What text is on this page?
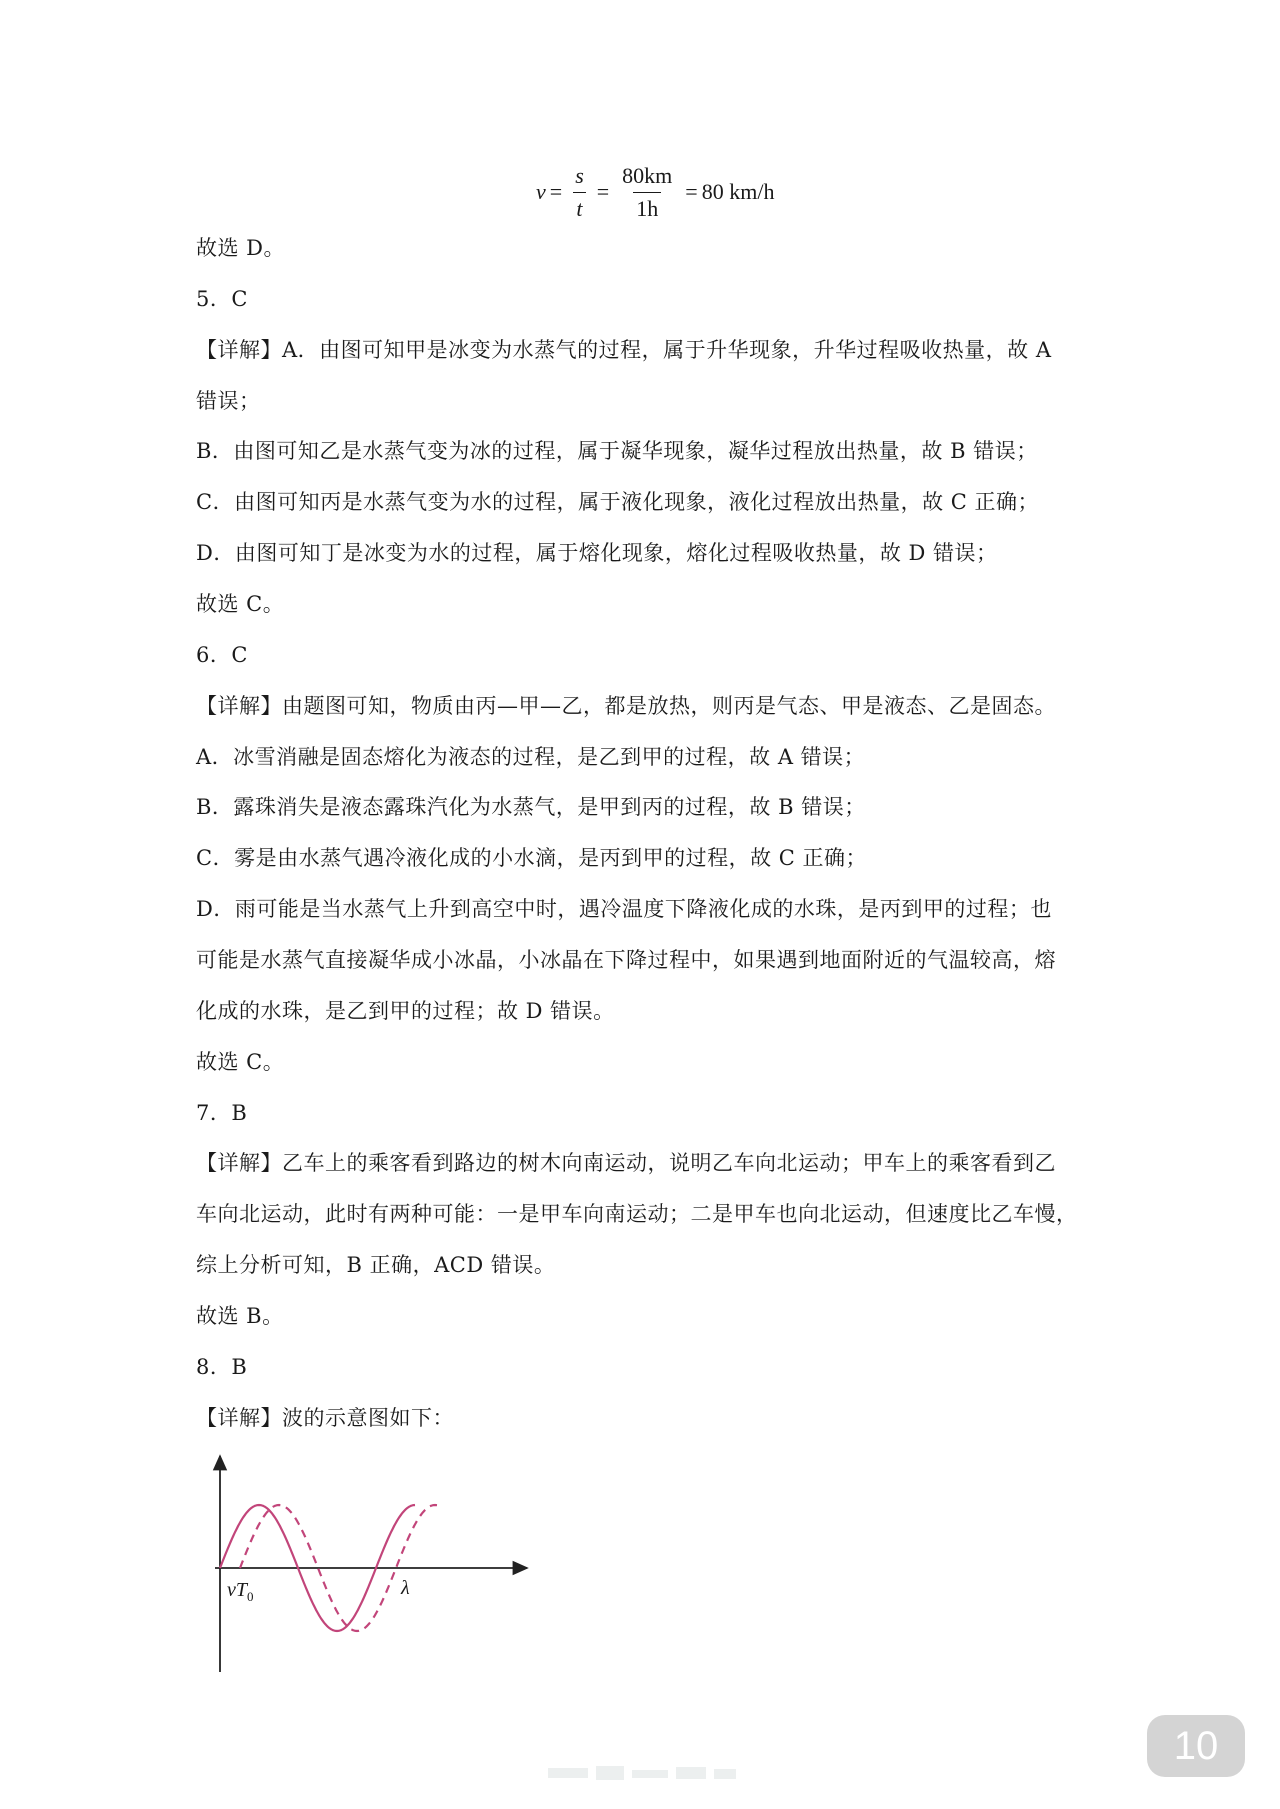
$v = \frac{s}{t} = \frac{80km}{1h} = 80$ km/h
故选 D。
5．C
【详解】A．由图可知甲是冰变为水蒸气的过程，属于升华现象，升华过程吸收热量，故 A
错误；
B．由图可知乙是水蒸气变为冰的过程，属于凝华现象，凝华过程放出热量，故 B 错误；
C．由图可知丙是水蒸气变为水的过程，属于液化现象，液化过程放出热量，故 C 正确；
D．由图可知丁是冰变为水的过程，属于熔化现象，熔化过程吸收热量，故 D 错误；
故选 C。
6．C
【详解】由题图可知，物质由丙—甲—乙，都是放热，则丙是气态、甲是液态、乙是固态。
A．冰雪消融是固态熔化为液态的过程，是乙到甲的过程，故 A 错误；
B．露珠消失是液态露珠汽化为水蒸气，是甲到丙的过程，故 B 错误；
C．雾是由水蒸气遇冷液化成的小水滴，是丙到甲的过程，故 C 正确；
D．雨可能是当水蒸气上升到高空中时，遇冷温度下降液化成的水珠，是丙到甲的过程；也
可能是水蒸气直接凝华成小冰晶，小冰晶在下降过程中，如果遇到地面附近的气温较高，熔
化成的水珠，是乙到甲的过程；故 D 错误。
故选 C。
7．B
【详解】乙车上的乘客看到路边的树木向南运动，说明乙车向北运动；甲车上的乘客看到乙
车向北运动，此时有两种可能：一是甲车向南运动；二是甲车也向北运动，但速度比乙车慢，
综上分析可知，B 正确，ACD 错误。
故选 B。
8．B
【详解】波的示意图如下：
$vT_0$	λ
10
